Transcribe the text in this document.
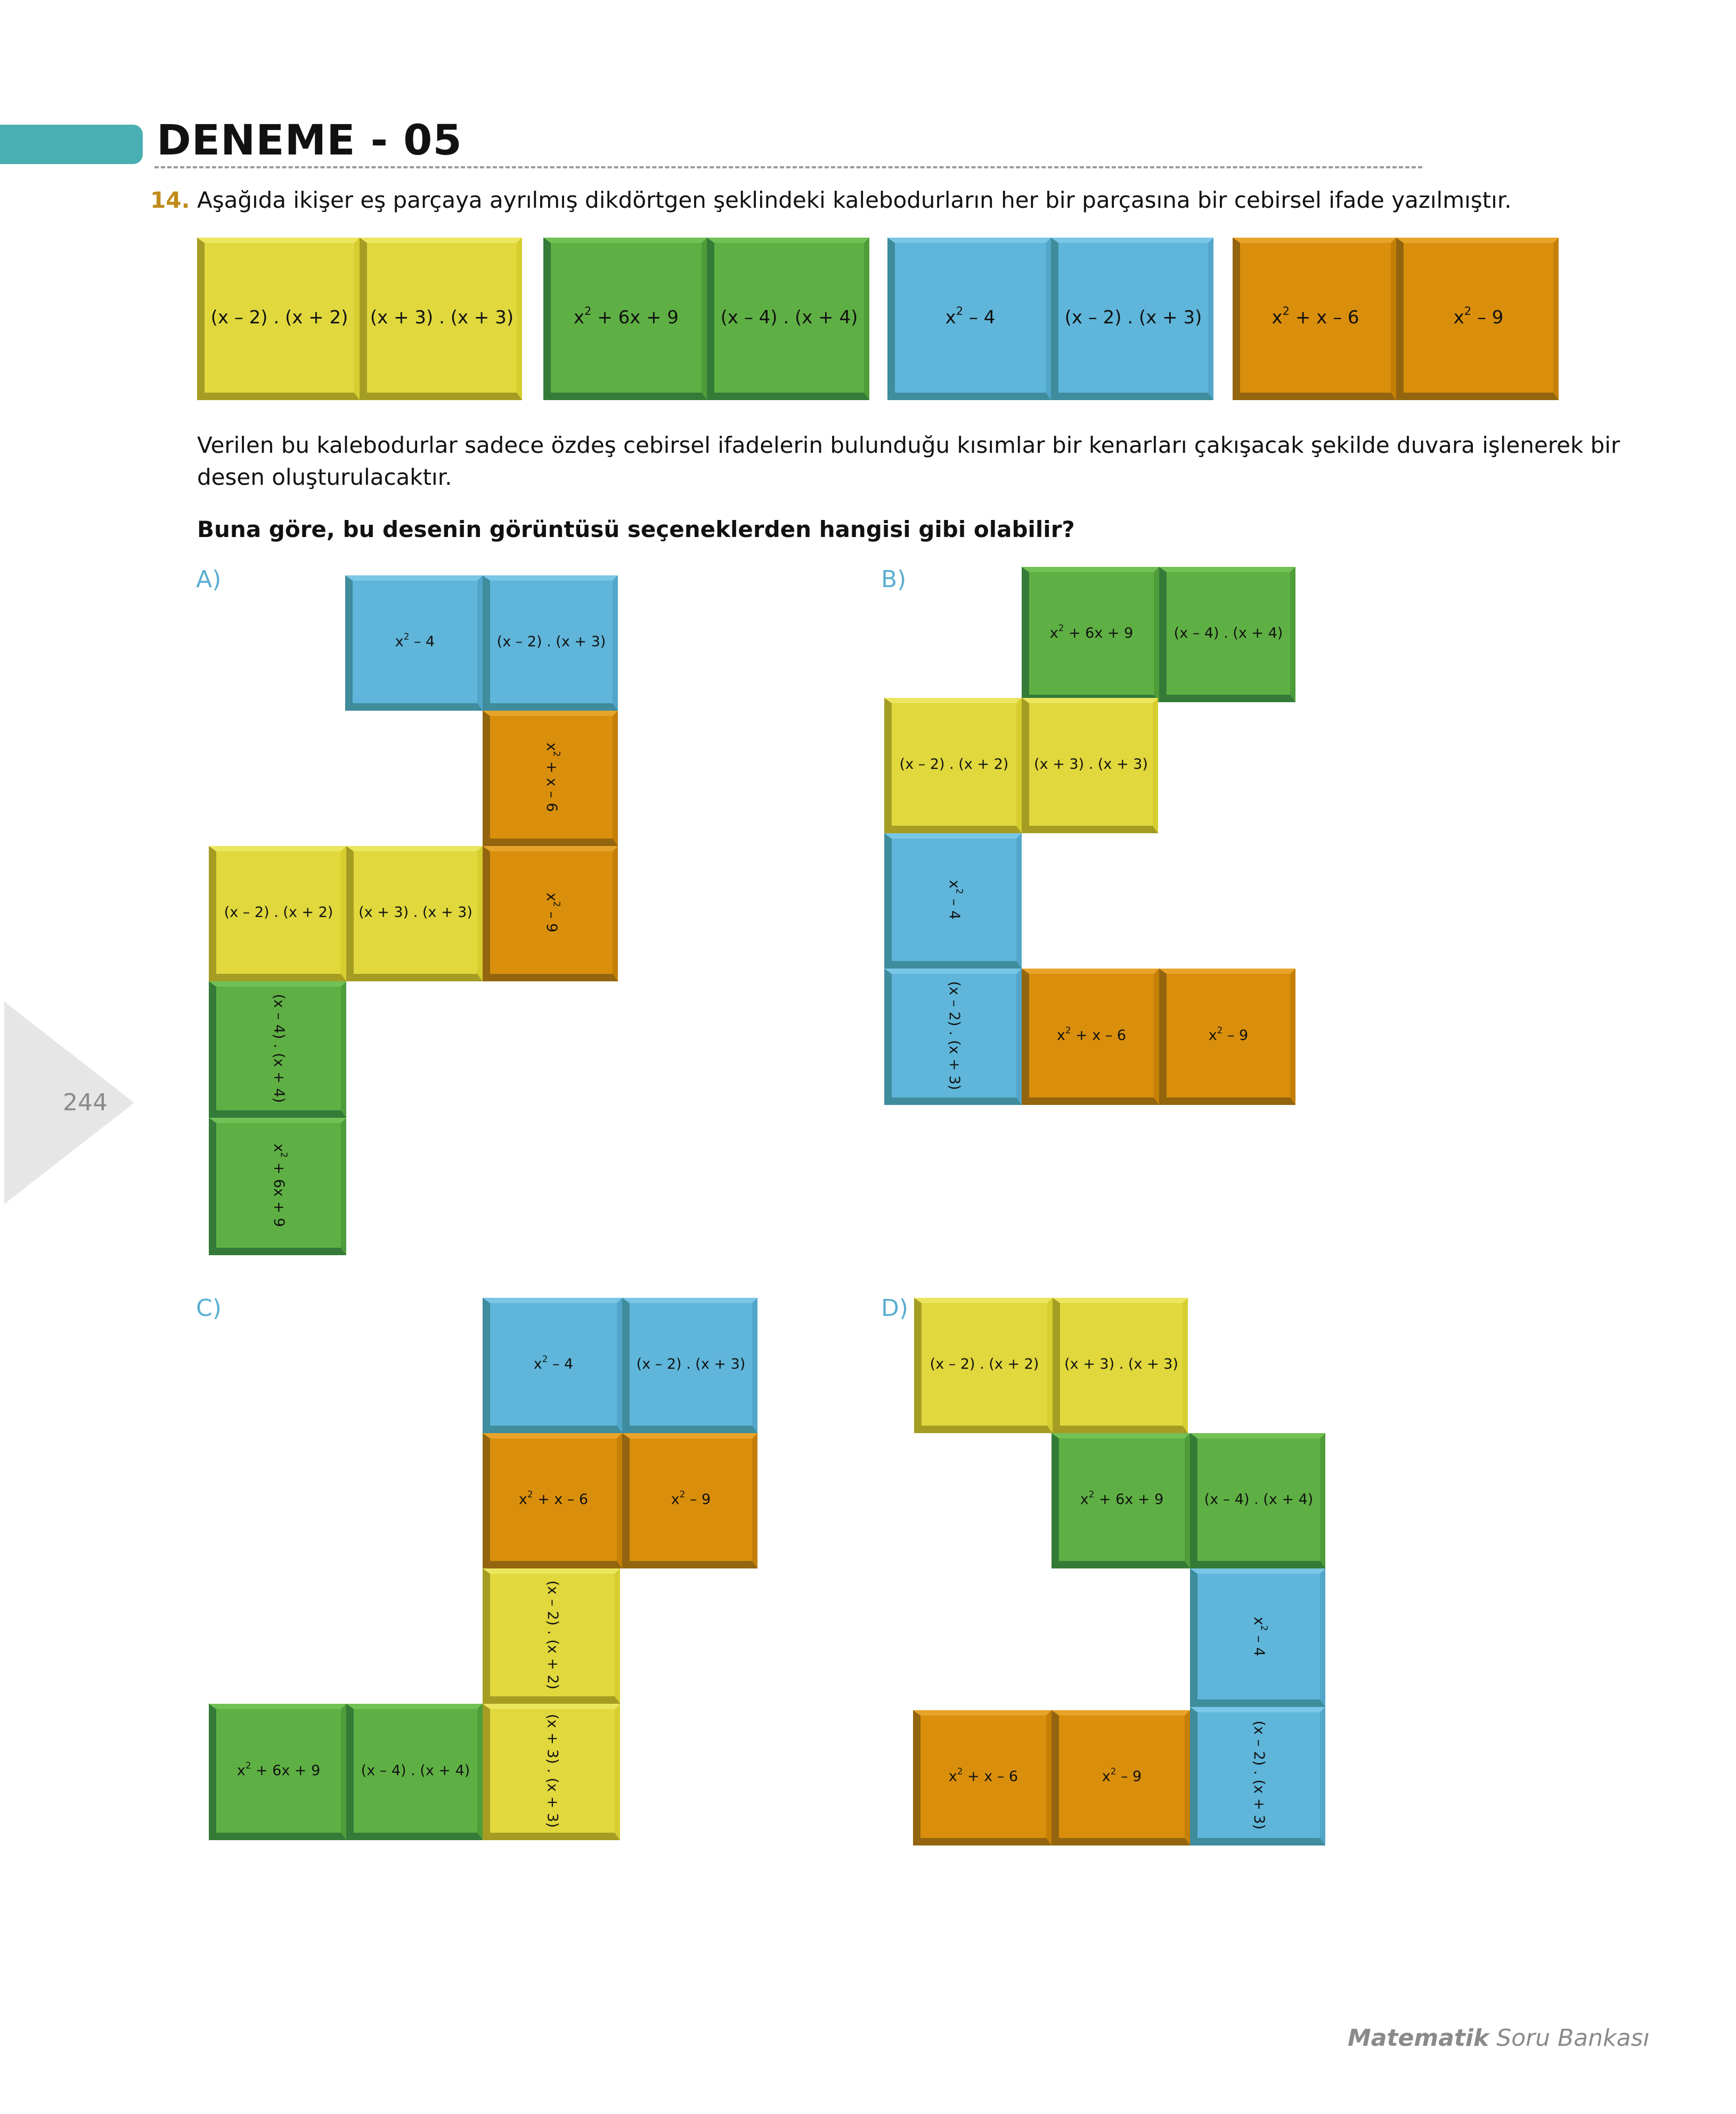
DENEME - 05
14. Aşağıda ikişer eş parçaya ayrılmış dikdörtgen şeklindeki kalebodurların her bir parçasına bir cebirsel ifade yazılmıştır.
(x – 2) . (x + 2) (x + 3) . (x + 3)	$x^2 + 6x + 9$ (x – 4) . (x + 4)	$x^2 - 4$	(x – 2) . (x + 3)	$x^2 + x - 6$	$x^2 - 9$
Verilen bu kalebodurlar sadece özdeş cebirsel ifadelerin bulunduğu kısımlar bir kenarları çakışacak şekilde duvara işlenerek bir
desen oluşturulacaktır.
Buna göre, bu desenin görüntüsü seçeneklerden hangisi gibi olabilir?
A)
$x^2 - 4$	(x – 2) . (x + 3)
$x^2 + x - 6$
(x – 2) . (x + 2) (x + 3) . (x + 3)
$x^2 - 9$
(x – 4) . (x + 4)
$x^2 + 6x + 9$
B)
$x^2 + 6x + 9$	(x – 4) . (x + 4)
(x – 2) . (x + 2) (x + 3) . (x + 3)
$x^2 - 4$
(x – 2) . (x + 3)	$x^2 + x - 6$	$x^2 - 9$
C)
$x^2 - 4$	(x – 2) . (x + 3)
$x^2 + x - 6$	$x^2 - 9$
(x – 2) . (x + 2)
(x + 3) . (x + 3)
$x^2 + 6x + 9$	(x – 4) . (x + 4)
D)
(x – 2) . (x + 2) (x + 3) . (x + 3)
$x^2 + 6x + 9$	(x – 4) . (x + 4)
$x^2 - 4$
(x – 2) . (x + 3)
$x^2 + x - 6$	$x^2 - 9$
244
Matematik Soru Bankası
